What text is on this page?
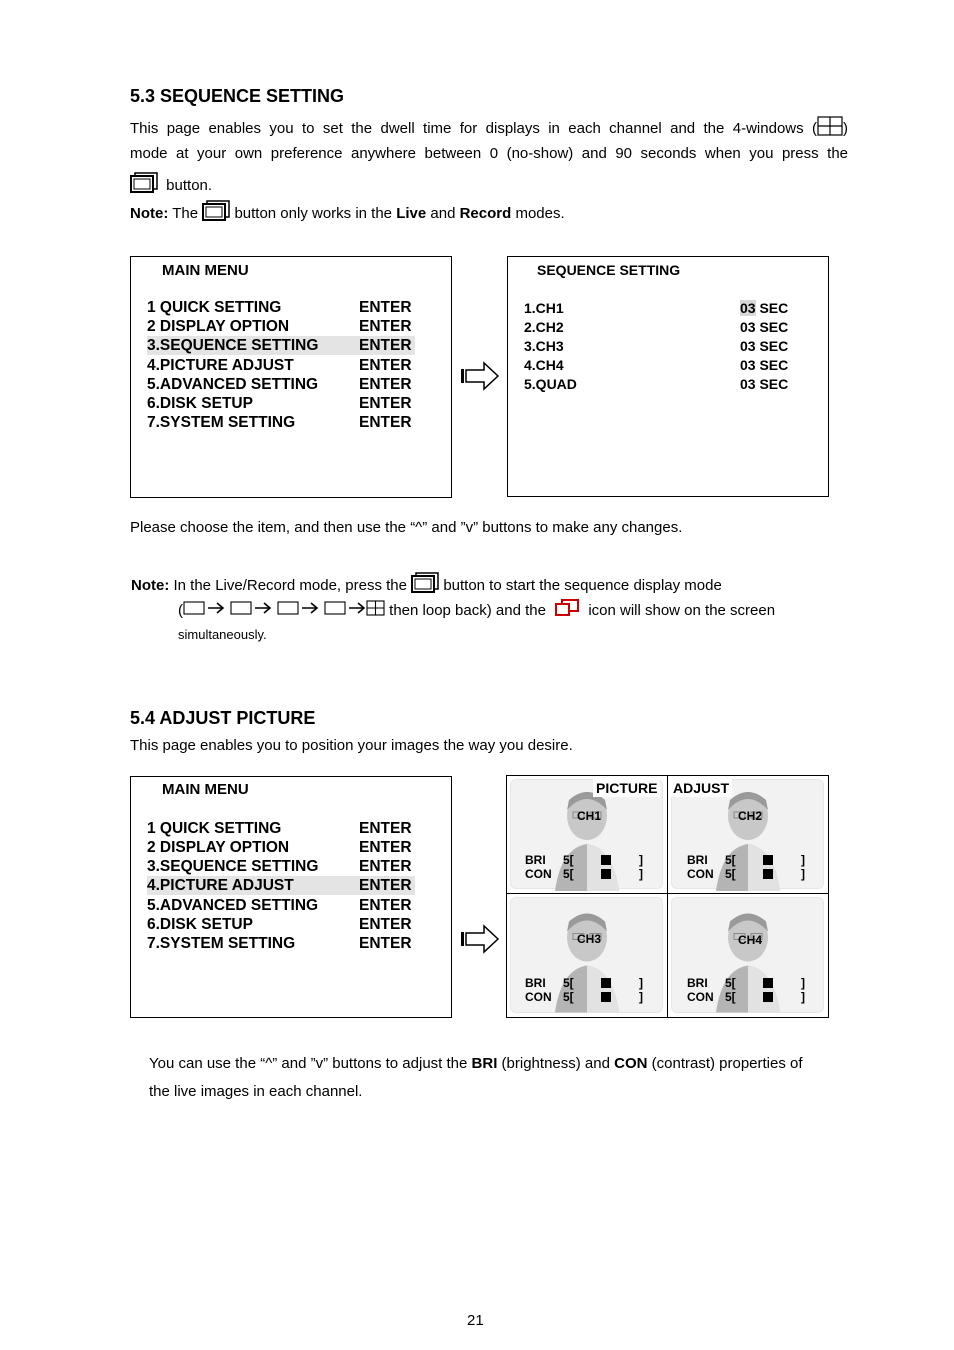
5.3 SEQUENCE SETTING
This page enables you to set the dwell time for displays in each channel and the 4-windows ( )
mode at your own preference anywhere between 0 (no-show) and 90 seconds when you press the
button.
Note: The button only works in the Live and Record modes.
MAIN MENU
1 QUICK SETTING	ENTER
2 DISPLAY OPTION	ENTER
3.SEQUENCE SETTING	ENTER
4.PICTURE ADJUST	ENTER
5.ADVANCED SETTING	ENTER
6.DISK SETUP	ENTER
7.SYSTEM SETTING	ENTER
SEQUENCE SETTING
1.CH1	03 SEC
2.CH2	03 SEC
3.CH3	03 SEC
4.CH4	03 SEC
5.QUAD	03 SEC
Please choose the item, and then use the “^” and ”v” buttons to make any changes.
Note: In the Live/Record mode, press the button to start the sequence display mode
(	then loop back) and the	icon will show on the screen
simultaneously.
5.4 ADJUST PICTURE
This page enables you to position your images the way you desire.
MAIN MENU
1 QUICK SETTING	ENTER
2 DISPLAY OPTION	ENTER
3.SEQUENCE SETTING	ENTER
4.PICTURE ADJUST	ENTER
5.ADVANCED SETTING	ENTER
6.DISK SETUP	ENTER
7.SYSTEM SETTING	ENTER
CH1
BRI 5[	]
CON 5[	]
CH2
BRI 5[	]
CON 5[	]
CH3
BRI 5[	]
CON 5[	]
CH4
BRI 5[	]
CON 5[	]
PICTURE ADJUST
You can use the “^” and ”v” buttons to adjust the BRI (brightness) and CON (contrast) properties of
the live images in each channel.
21
